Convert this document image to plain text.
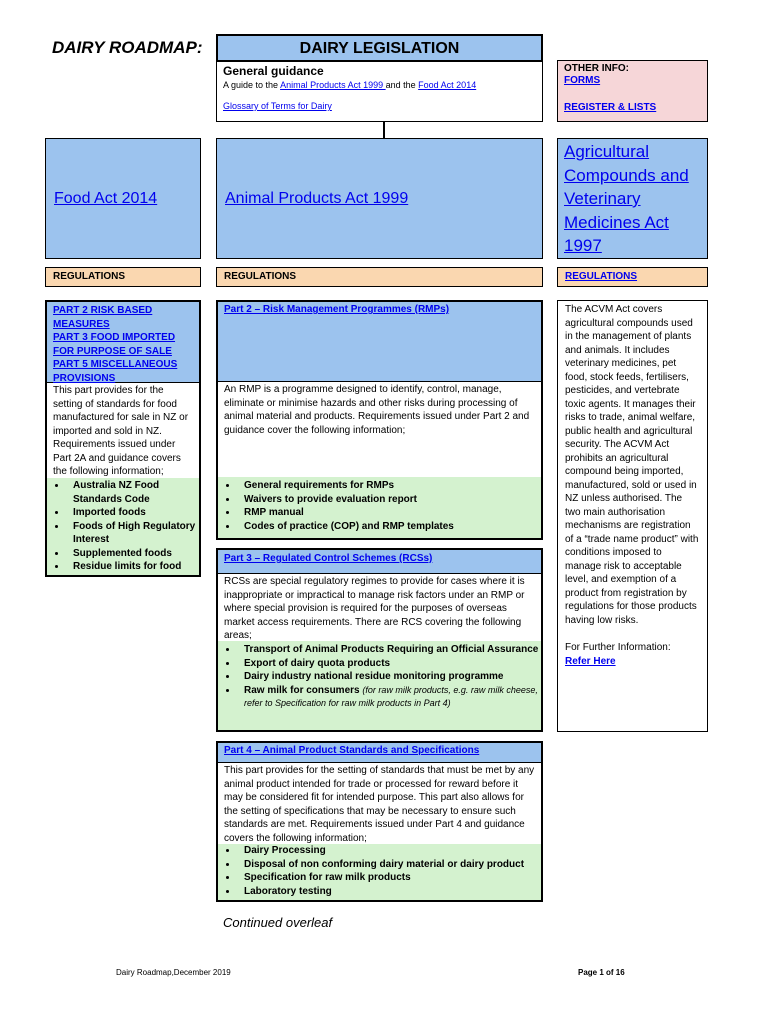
DAIRY ROADMAP:	DAIRY LEGISLATION
General guidance
A guide to the Animal Products Act 1999 and the Food Act 2014
Glossary of Terms for Dairy
OTHER INFO:
FORMS
REGISTER & LISTS
Food Act 2014	Animal Products Act 1999
Agricultural Compounds and Veterinary Medicines Act 1997
REGULATIONS	REGULATIONS	REGULATIONS
PART 2 RISK BASED MEASURES
PART 3 FOOD IMPORTED FOR PURPOSE OF SALE
PART 5 MISCELLANEOUS PROVISIONS
This part provides for the setting of standards for food manufactured for sale in NZ or imported and sold in NZ. Requirements issued under Part 2A and guidance covers the following information;
• Australia NZ Food Standards Code
• Imported foods
• Foods of High Regulatory Interest
• Supplemented foods
• Residue limits for food
Part 2 – Risk Management Programmes (RMPs)
An RMP is a programme designed to identify, control, manage, eliminate or minimise hazards and other risks during processing of animal material and products. Requirements issued under Part 2 and guidance cover the following information;
• General requirements for RMPs
• Waivers to provide evaluation report
• RMP manual
• Codes of practice (COP) and RMP templates
Part 3 – Regulated Control Schemes (RCSs)
RCSs are special regulatory regimes to provide for cases where it is inappropriate or impractical to manage risk factors under an RMP or where special provision is required for the purposes of overseas market access requirements. There are RCS covering the following areas;
• Transport of Animal Products Requiring an Official Assurance
• Export of dairy quota products
• Dairy industry national residue monitoring programme
• Raw milk for consumers (for raw milk products, e.g. raw milk cheese, refer to Specification for raw milk products in Part 4)
Part 4 – Animal Product Standards and Specifications
This part provides for the setting of standards that must be met by any animal product intended for trade or processed for reward before it may be considered fit for intended purpose. This part also allows for the setting of specifications that may be necessary to ensure such standards are met. Requirements issued under Part 4 and guidance covers the following information;
• Dairy Processing
• Disposal of non conforming dairy material or dairy product
• Specification for raw milk products
• Laboratory testing
The ACVM Act covers agricultural compounds used in the management of plants and animals. It includes veterinary medicines, pet food, stock feeds, fertilisers, pesticides, and vertebrate toxic agents. It manages their risks to trade, animal welfare, public health and agricultural security. The ACVM Act prohibits an agricultural compound being imported, manufactured, sold or used in NZ unless authorised. The two main authorisation mechanisms are registration of a “trade name product” with conditions imposed to manage risk to acceptable level, and exemption of a product from registration by regulations for those products having low risks.
For Further Information:
Refer Here
Continued overleaf
Dairy Roadmap,December 2019	Page 1 of 16
